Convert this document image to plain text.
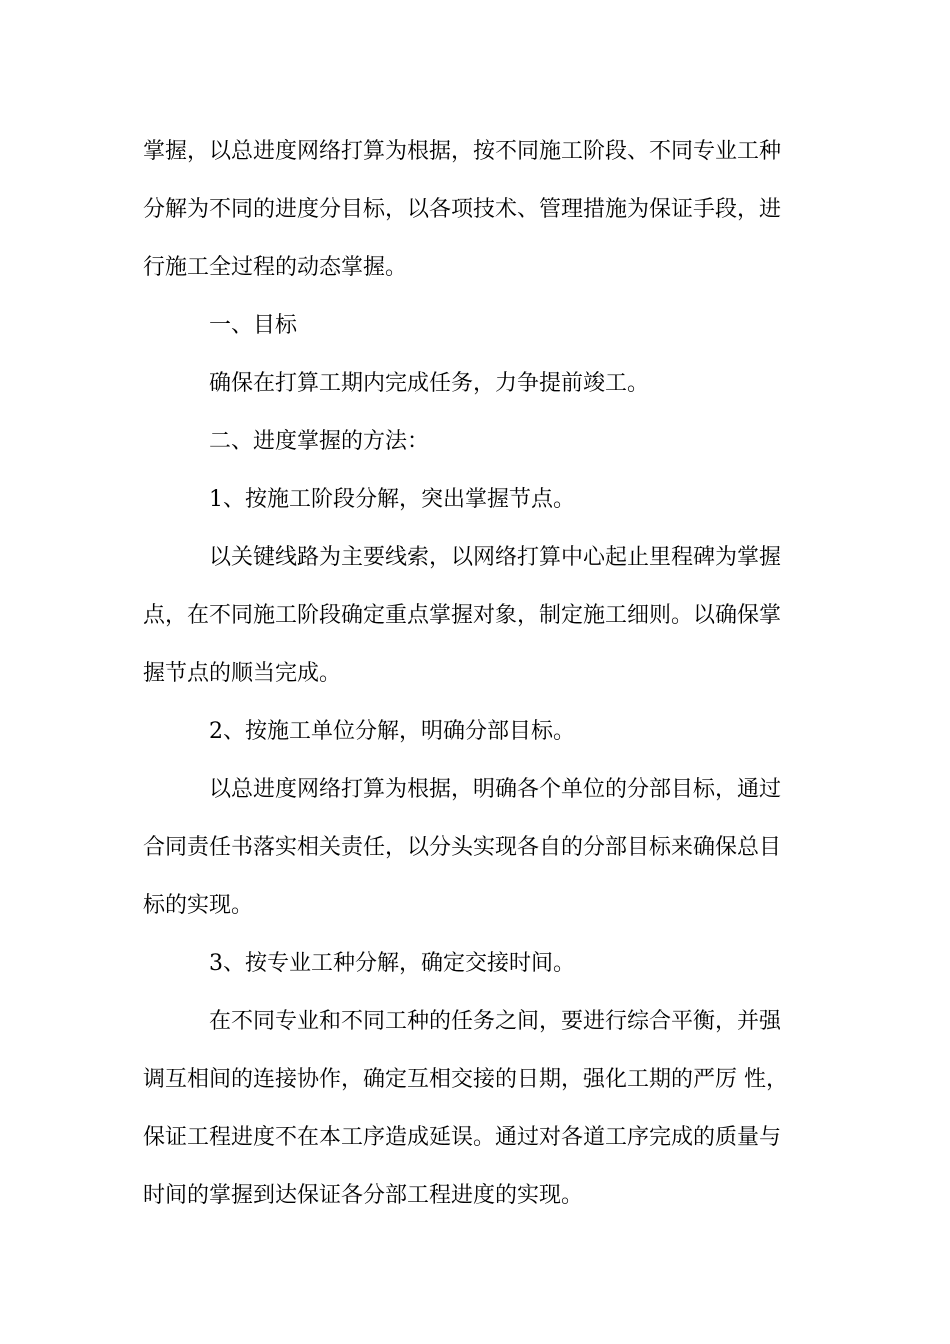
掌握，以总进度网络打算为根据，按不同施工阶段、不同专业工种
分解为不同的进度分目标，以各项技术、管理措施为保证手段，进
行施工全过程的动态掌握。
一、目标
确保在打算工期内完成任务，力争提前竣工。
二、进度掌握的方法：
1、按施工阶段分解，突出掌握节点。
以关键线路为主要线索，以网络打算中心起止里程碑为掌握
点，在不同施工阶段确定重点掌握对象，制定施工细则。以确保掌
握节点的顺当完成。
2、按施工单位分解，明确分部目标。
以总进度网络打算为根据，明确各个单位的分部目标，通过
合同责任书落实相关责任，以分头实现各自的分部目标来确保总目
标的实现。
3、按专业工种分解，确定交接时间。
在不同专业和不同工种的任务之间，要进行综合平衡，并强
调互相间的连接协作，确定互相交接的日期，强化工期的严厉 性，
保证工程进度不在本工序造成延误。通过对各道工序完成的质量与
时间的掌握到达保证各分部工程进度的实现。
